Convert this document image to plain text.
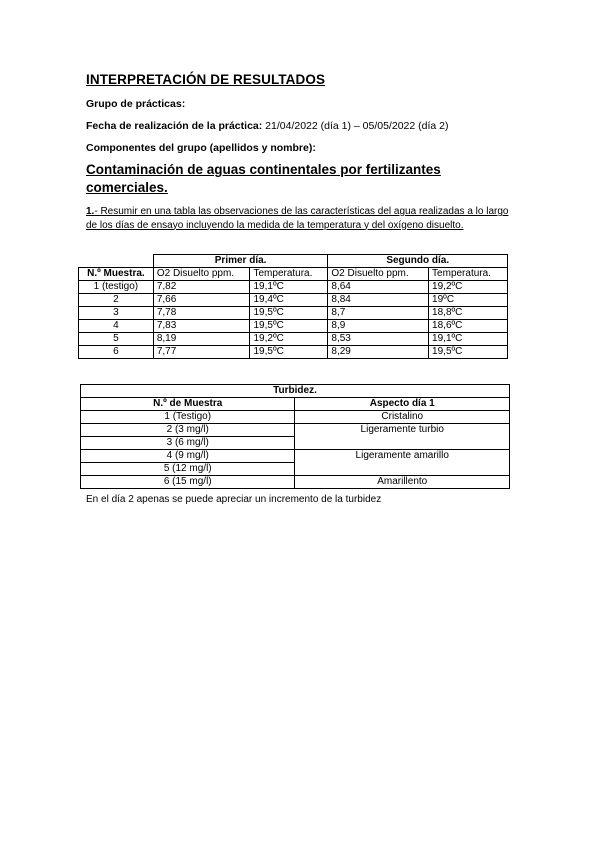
INTERPRETACIÓN DE RESULTADOS
Grupo de prácticas:
Fecha de realización de la práctica: 21/04/2022 (día 1) – 05/05/2022 (día 2)
Componentes del grupo (apellidos y nombre):
Contaminación de aguas continentales por fertilizantes comerciales.
1.- Resumir en una tabla las observaciones de las características del agua realizadas a lo largo de los días de ensayo incluyendo la medida de la temperatura y del oxígeno disuelto.
	Primer día.		Segundo día.	
N.º Muestra.	O2 Disuelto ppm.	Temperatura.	O2 Disuelto ppm.	Temperatura.
1 (testigo)	7,82	19,1ºC	8,64	19,2ºC
2	7,66	19,4ºC	8,84	19ºC
3	7,78	19,5ºC	8,7	18,8ºC
4	7,83	19,5ºC	8,9	18,6ºC
5	8,19	19,2ºC	8,53	19,1ºC
6	7,77	19,5ºC	8,29	19,5ºC
Turbidez.	
N.º de Muestra	Aspecto día 1
1 (Testigo)	Cristalino
2 (3 mg/l)	Ligeramente turbio
3 (6 mg/l)	
4 (9 mg/l)	Ligeramente amarillo
5 (12 mg/l)	
6 (15 mg/l)	Amarillento
En el día 2 apenas se puede apreciar un incremento de la turbidez
